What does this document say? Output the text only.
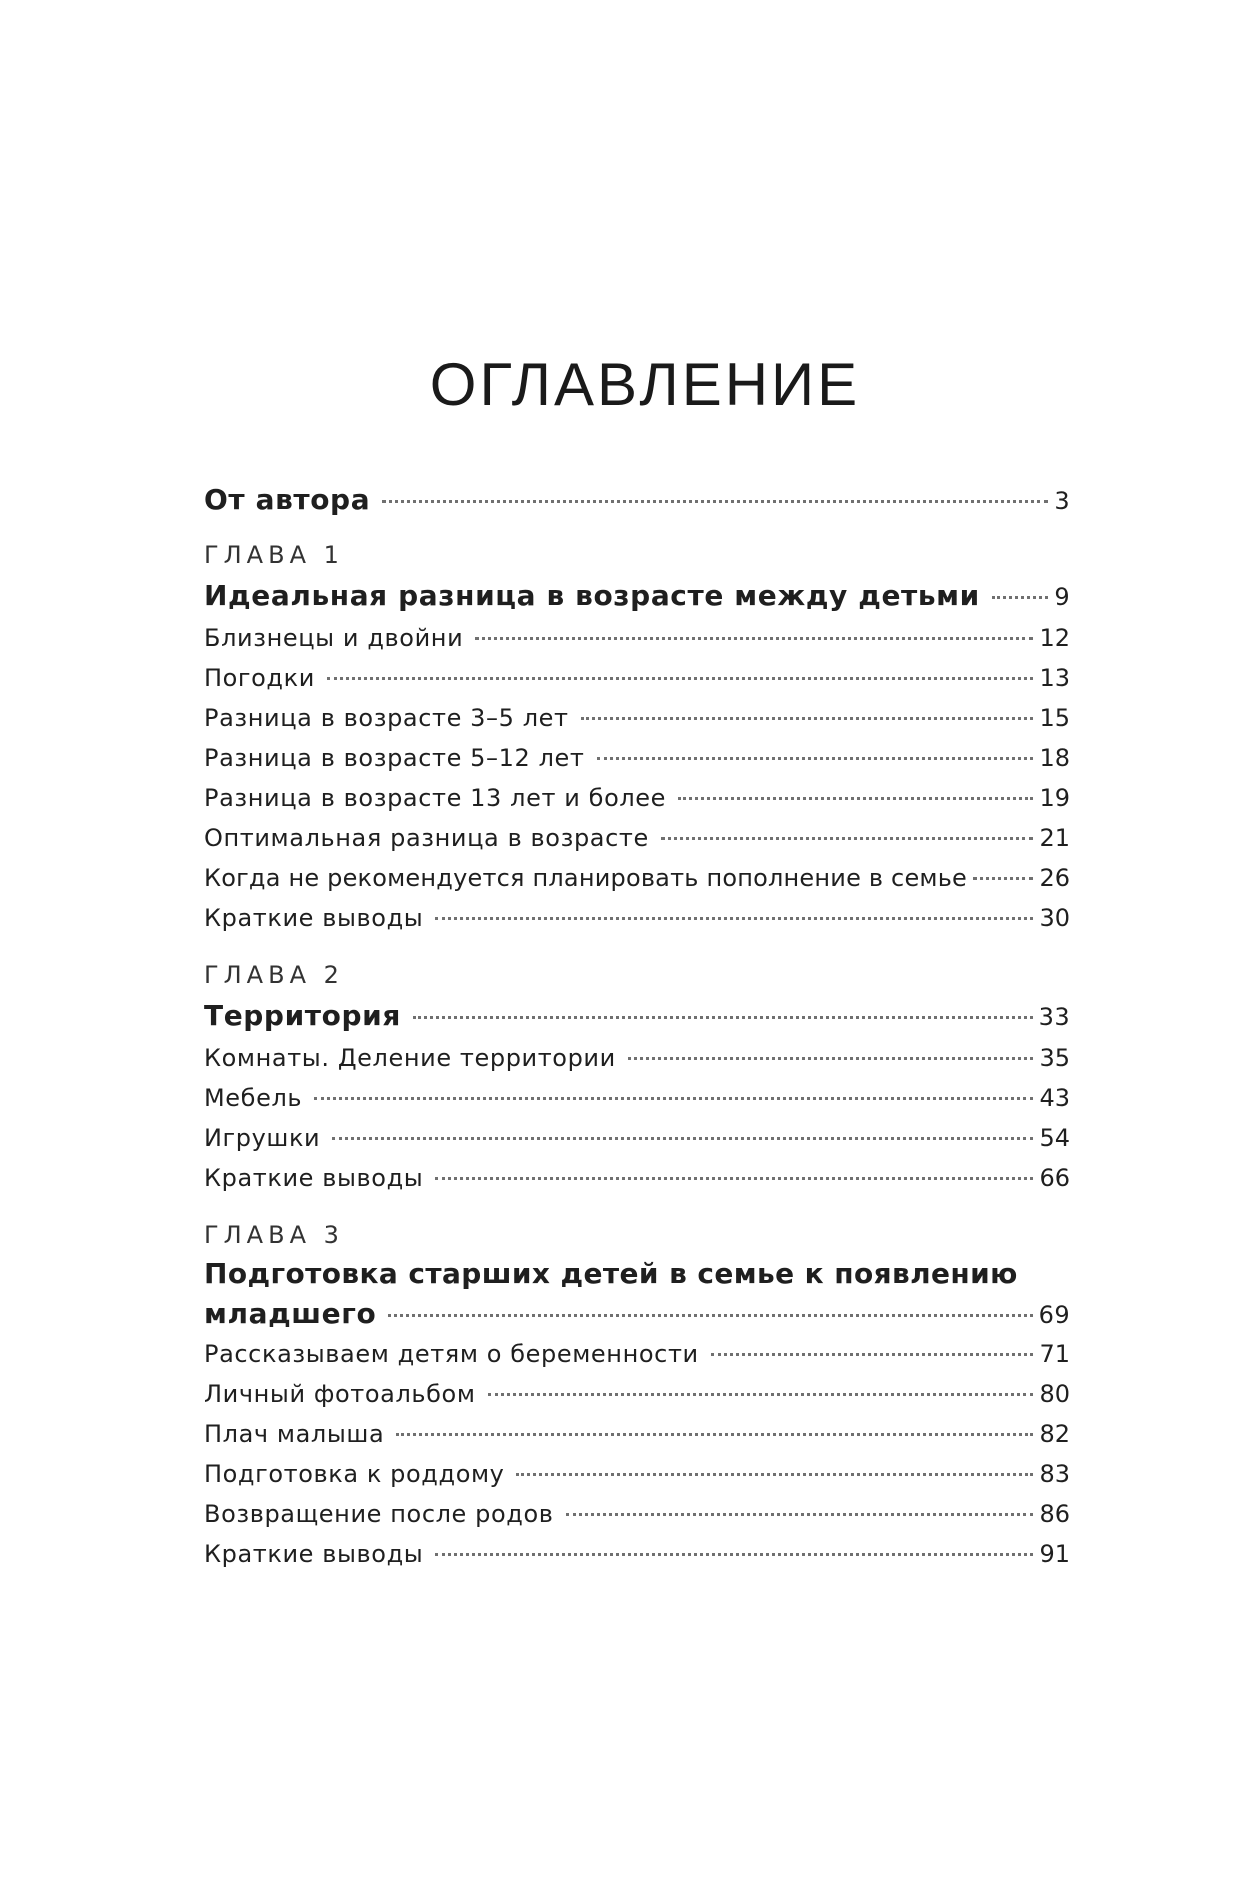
ОГЛАВЛЕНИЕ
От автора	3
ГЛАВА 1
Идеальная разница в возрасте между детьми	9
Близнецы и двойни	12
Погодки	13
Разница в возрасте 3–5 лет	15
Разница в возрасте 5–12 лет	18
Разница в возрасте 13 лет и более	19
Оптимальная разница в возрасте	21
Когда не рекомендуется планировать пополнение в семье	26
Краткие выводы	30
ГЛАВА 2
Территория	33
Комнаты. Деление территории	35
Мебель	43
Игрушки	54
Краткие выводы	66
ГЛАВА 3
Подготовка старших детей в семье к появлению
младшего	69
Рассказываем детям о беременности	71
Личный фотоальбом	80
Плач малыша	82
Подготовка к роддому	83
Возвращение после родов	86
Краткие выводы	91
